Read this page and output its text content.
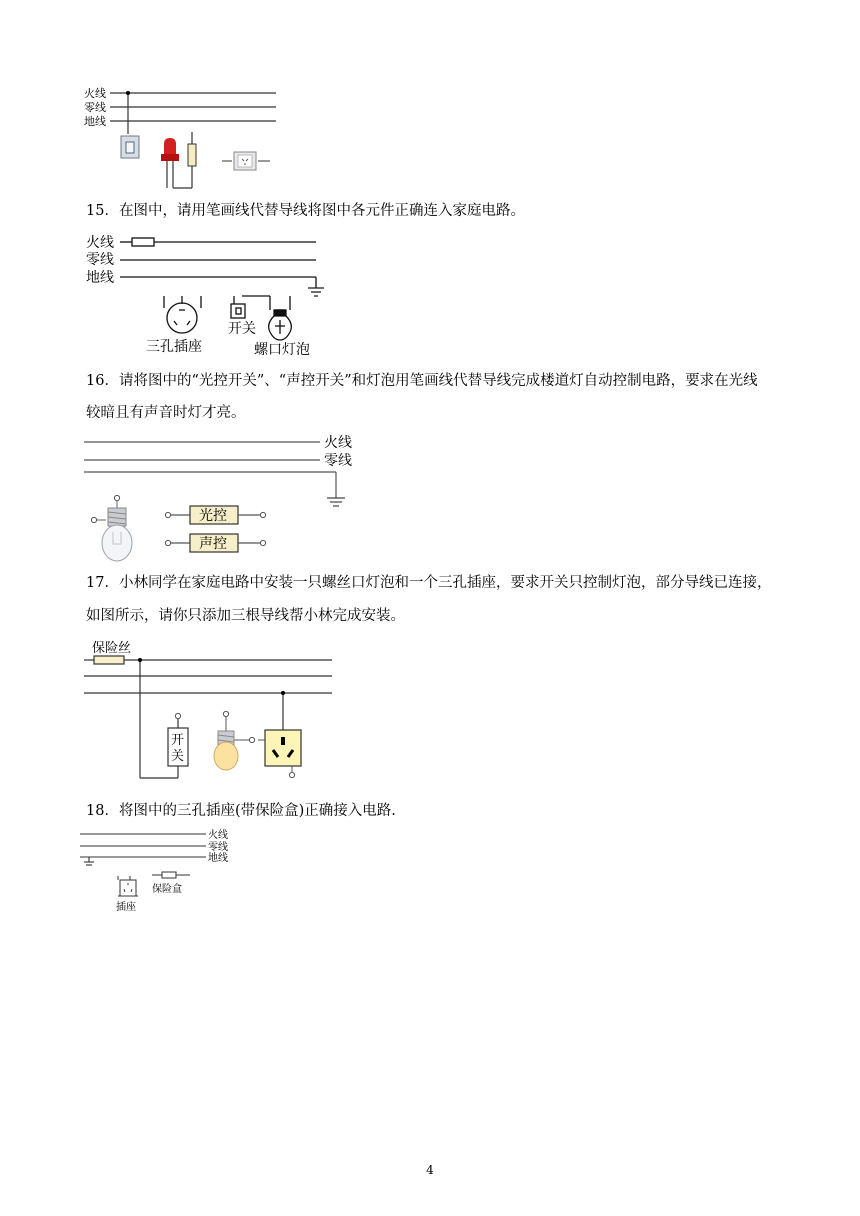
火线
零线
地线

15．在图中，请用笔画线代替导线将图中各元件正确连入家庭电路。

火线
零线
地线
三孔插座
开关
螺口灯泡

16．请将图中的“光控开关”、“声控开关”和灯泡用笔画线代替导线完成楼道灯自动控制电路，要求在光线

较暗且有声音时灯才亮。

火线
零线
光控
声控

17．小林同学在家庭电路中安装一只螺丝口灯泡和一个三孔插座，要求开关只控制灯泡，部分导线已连接，

如图所示，请你只添加三根导线帮小林完成安装。

保险丝
开
关

18．将图中的三孔插座(带保险盒)正确接入电路.

火线
零线
地线
插座
保险盒
4
